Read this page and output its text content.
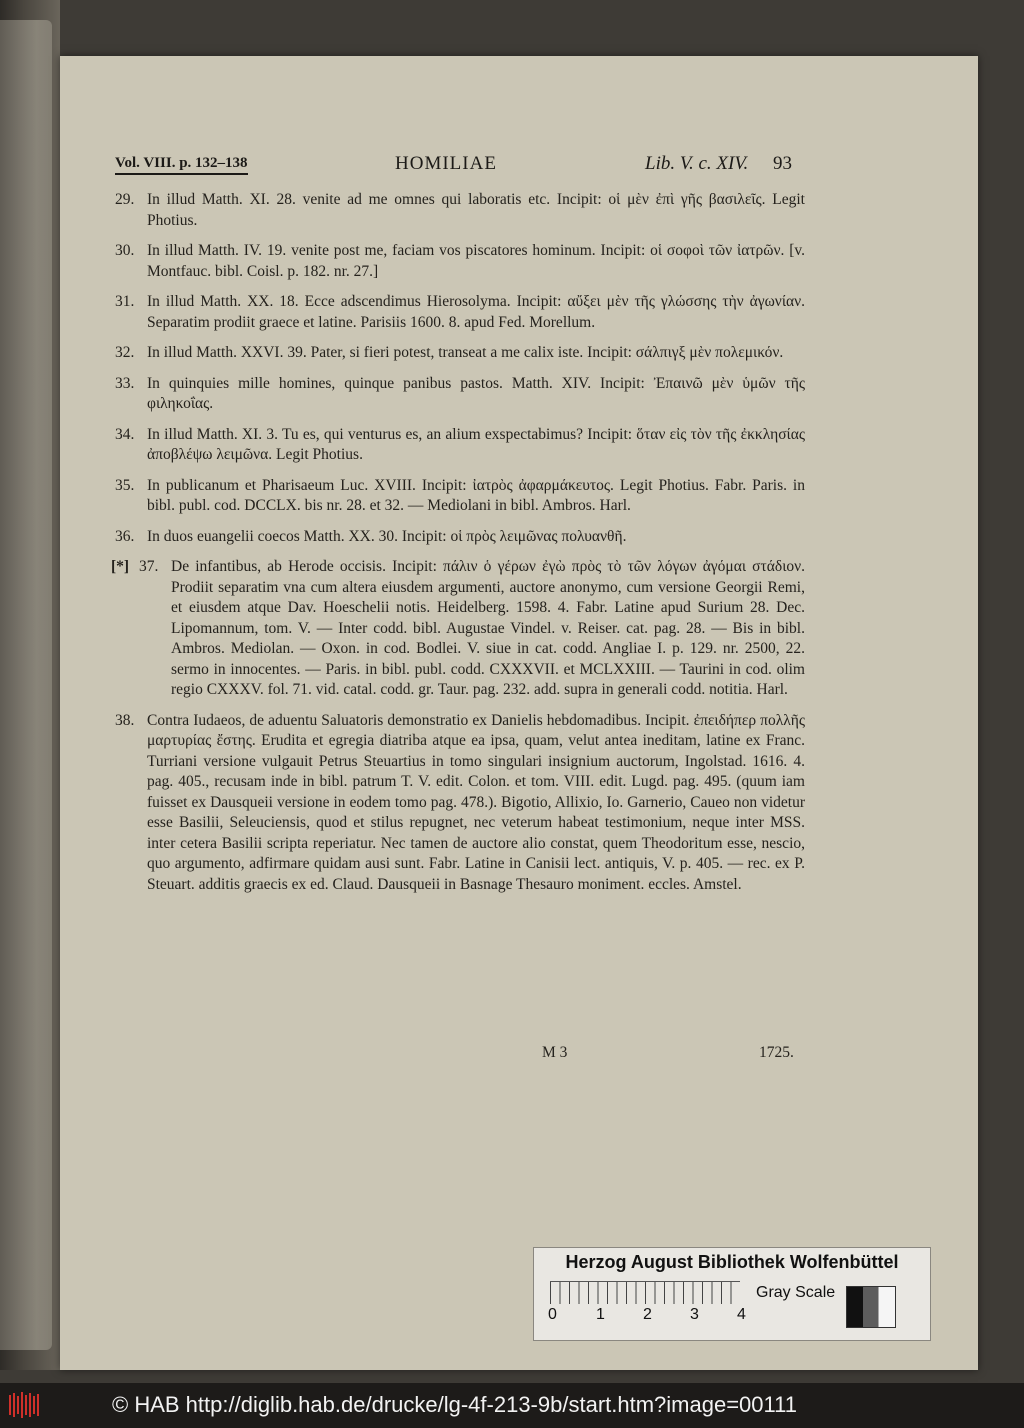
Vol. VIII. p. 132–138	HOMILIAE	Lib. V. c. XIV. 93
29. In illud Matth. XI. 28. venite ad me omnes qui laboratis etc. Incipit: οἱ μὲν ἐπὶ γῆς βασιλεῖς. Legit Photius.
30. In illud Matth. IV. 19. venite post me, faciam vos piscatores hominum. Incipit: οἱ σοφοὶ τῶν ἰατρῶν. [v. Montfauc. bibl. Coisl. p. 182. nr. 27.]
31. In illud Matth. XX. 18. Ecce adscendimus Hierosolyma. Incipit: αὔξει μὲν τῆς γλώσσης τὴν ἀγωνίαν. Separatim prodiit graece et latine. Parisiis 1600. 8. apud Fed. Morellum.
32. In illud Matth. XXVI. 39. Pater, si fieri potest, transeat a me calix iste. Incipit: σάλπιγξ μὲν πολεμικόν.
33. In quinquies mille homines, quinque panibus pastos. Matth. XIV. Incipit: Ἐπαινῶ μὲν ὑμῶν τῆς φιληκοΐας.
34. In illud Matth. XI. 3. Tu es, qui venturus es, an alium exspectabimus? Incipit: ὅταν εἰς τὸν τῆς ἐκκλησίας ἀποβλέψω λειμῶνα. Legit Photius.
35. In publicanum et Pharisaeum Luc. XVIII. Incipit: ἰατρὸς ἀφαρμάκευτος. Legit Photius. Fabr. Paris. in bibl. publ. cod. DCCLX. bis nr. 28. et 32. — Mediolani in bibl. Ambros. Harl.
36. In duos euangelii coecos Matth. XX. 30. Incipit: οἱ πρὸς λειμῶνας πολυανθῆ.
[*] 37. De infantibus, ab Herode occisis. Incipit: πάλιν ὁ γέρων ἐγὼ πρὸς τὸ τῶν λόγων ἀγόμαι στάδιον. Prodiit separatim vna cum altera eiusdem argumenti, auctore anonymo, cum versione Georgii Remi, et eiusdem atque Dav. Hoeschelii notis. Heidelberg. 1598. 4. Fabr. Latine apud Surium 28. Dec. Lipomannum, tom. V. — Inter codd. bibl. Augustae Vindel. v. Reiser. cat. pag. 28. — Bis in bibl. Ambros. Mediolan. — Oxon. in cod. Bodlei. V. siue in cat. codd. Angliae I. p. 129. nr. 2500, 22. sermo in innocentes. — Paris. in bibl. publ. codd. CXXXVII. et MCLXXIII. — Taurini in cod. olim regio CXXXV. fol. 71. vid. catal. codd. gr. Taur. pag. 232. add. supra in generali codd. notitia. Harl.
38. Contra Iudaeos, de aduentu Saluatoris demonstratio ex Danielis hebdomadibus. Incipit. ἐπειδήπερ πολλῆς μαρτυρίας ἔστης. Erudita et egregia diatriba atque ea ipsa, quam, velut antea ineditam, latine ex Franc. Turriani versione vulgauit Petrus Steuartius in tomo singulari insignium auctorum, Ingolstad. 1616. 4. pag. 405., recusam inde in bibl. patrum T. V. edit. Colon. et tom. VIII. edit. Lugd. pag. 495. (quum iam fuisset ex Dausqueii versione in eodem tomo pag. 478.). Bigotio, Allixio, Io. Garnerio, Caueo non videtur esse Basilii, Seleuciensis, quod et stilus repugnet, nec veterum habeat testimonium, neque inter MSS. inter cetera Basilii scripta reperiatur. Nec tamen de auctore alio constat, quem Theodoritum esse, nescio, quo argumento, adfirmare quidam ausi sunt. Fabr. Latine in Canisii lect. antiquis, V. p. 405. — rec. ex P. Steuart. additis graecis ex ed. Claud. Dausqueii in Basnage Thesauro moniment. eccles. Amstel.
M 3	1725.
Herzog August Bibliothek Wolfenbüttel
0 1 2 3 4
Gray Scale
© HAB http://diglib.hab.de/drucke/lg-4f-213-9b/start.htm?image=00111
